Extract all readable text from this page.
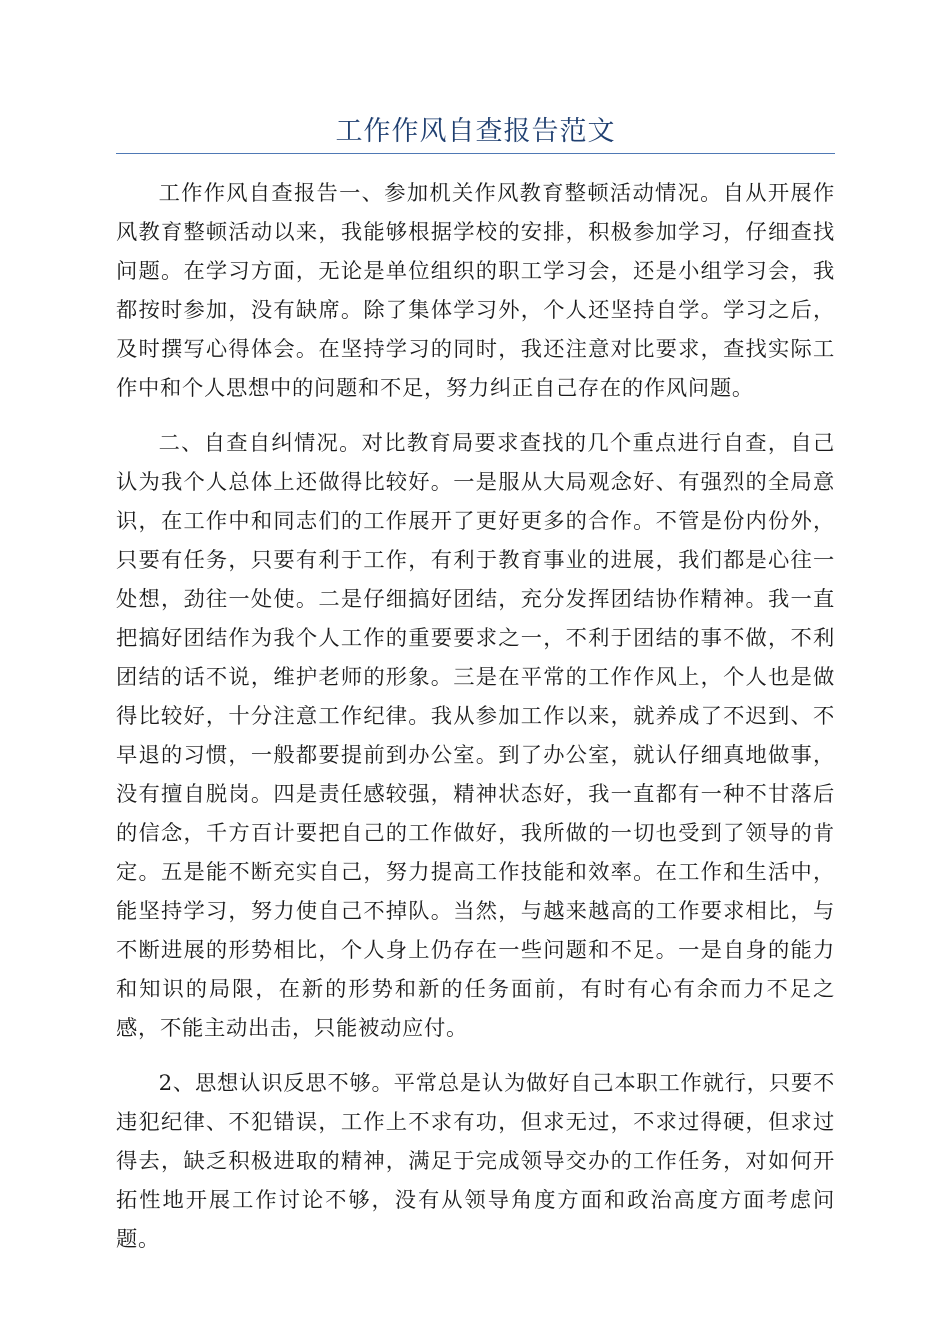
工作作风自查报告范文

工作作风自查报告一、参加机关作风教育整顿活动情况。自从开展作风教育整顿活动以来，我能够根据学校的安排，积极参加学习，仔细查找问题。在学习方面，无论是单位组织的职工学习会，还是小组学习会，我都按时参加，没有缺席。除了集体学习外，个人还坚持自学。学习之后，及时撰写心得体会。在坚持学习的同时，我还注意对比要求，查找实际工作中和个人思想中的问题和不足，努力纠正自己存在的作风问题。

二、自查自纠情况。对比教育局要求查找的几个重点进行自查，自己认为我个人总体上还做得比较好。一是服从大局观念好、有强烈的全局意识，在工作中和同志们的工作展开了更好更多的合作。不管是份内份外，只要有任务，只要有利于工作，有利于教育事业的进展，我们都是心往一处想，劲往一处使。二是仔细搞好团结，充分发挥团结协作精神。我一直把搞好团结作为我个人工作的重要要求之一，不利于团结的事不做，不利团结的话不说，维护老师的形象。三是在平常的工作作风上，个人也是做得比较好，十分注意工作纪律。我从参加工作以来，就养成了不迟到、不早退的习惯，一般都要提前到办公室。到了办公室，就认仔细真地做事，没有擅自脱岗。四是责任感较强，精神状态好，我一直都有一种不甘落后的信念，千方百计要把自己的工作做好，我所做的一切也受到了领导的肯定。五是能不断充实自己，努力提高工作技能和效率。在工作和生活中，能坚持学习，努力使自己不掉队。当然，与越来越高的工作要求相比，与不断进展的形势相比，个人身上仍存在一些问题和不足。一是自身的能力和知识的局限，在新的形势和新的任务面前，有时有心有余而力不足之感，不能主动出击，只能被动应付。

2、思想认识反思不够。平常总是认为做好自己本职工作就行，只要不违犯纪律、不犯错误，工作上不求有功，但求无过，不求过得硬，但求过得去，缺乏积极进取的精神，满足于完成领导交办的工作任务，对如何开拓性地开展工作讨论不够，没有从领导角度方面和政治高度方面考虑问题。
